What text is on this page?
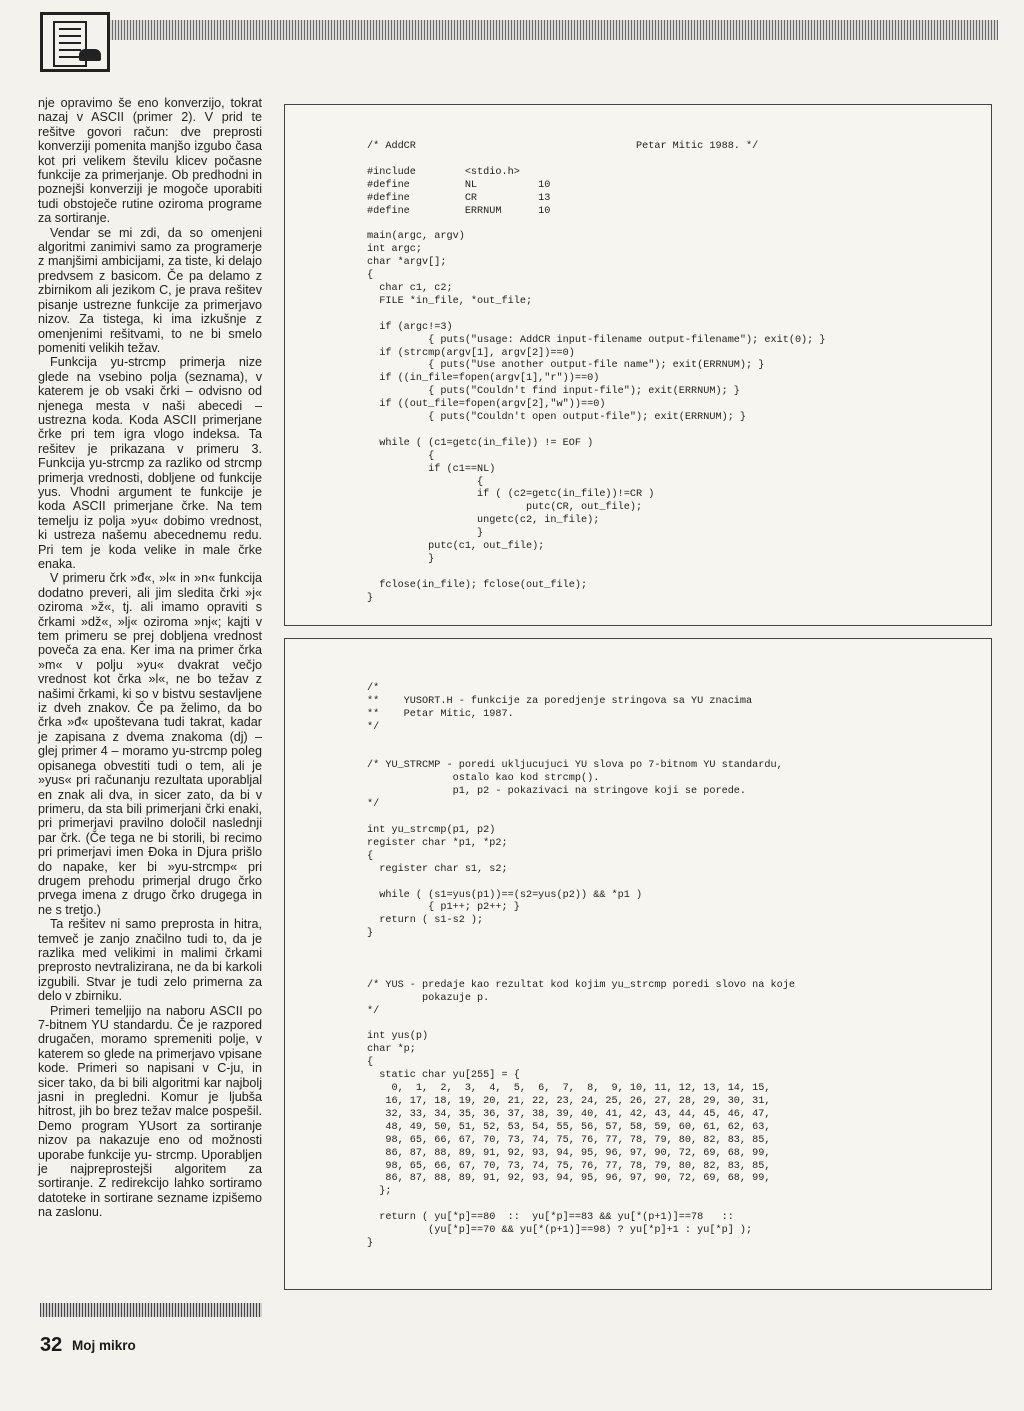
nje opravimo še eno konverzijo, tokrat nazaj v ASCII (primer 2). V prid te rešitve govori račun: dve preprosti konverziji pomenita manjšo izgubo časa kot pri velikem številu klicev počasne funkcije za primerjanje. Ob predhodni in poznejši konverziji je mogoče uporabiti tudi obstoječe rutine oziroma programe za sortiranje.

Vendar se mi zdi, da so omenjeni algoritmi zanimivi samo za programerje z manjšimi ambicijami, za tiste, ki delajo predvsem z basicom. Če pa delamo z zbirnikom ali jezikom C, je prava rešitev pisanje ustrezne funkcije za primerjavo nizov. Za tistega, ki ima izkušnje z omenjenimi rešitvami, to ne bi smelo pomeniti velikih težav.

Funkcija yu-strcmp primerja nize glede na vsebino polja (seznama), v katerem je ob vsaki črki – odvisno od njenega mesta v naši abecedi – ustrezna koda. Koda ASCII primerjane črke pri tem igra vlogo indeksa. Ta rešitev je prikazana v primeru 3. Funkcija yu-strcmp za razliko od strcmp primerja vrednosti, dobljene od funkcije yus. Vhodni argument te funkcije je koda ASCII primerjane črke. Na tem temelju iz polja »yu« dobimo vrednost, ki ustreza našemu abecednemu redu. Pri tem je koda velike in male črke enaka.

V primeru črk »đ«, »l« in »n« funkcija dodatno preveri, ali jim sledita črki »j« oziroma »ž«, tj. ali imamo opraviti s črkami »dž«, »lj« oziroma »nj«; kajti v tem primeru se prej dobljena vrednost poveča za ena. Ker ima na primer črka »m« v polju »yu« dvakrat večjo vrednost kot črka »l«, ne bo težav z našimi črkami, ki so v bistvu sestavljene iz dveh znakov. Če pa želimo, da bo črka »đ« upoštevana tudi takrat, kadar je zapisana z dvema znakoma (dj) – glej primer 4 – moramo yu-strcmp poleg opisanega obvestiti tudi o tem, ali je »yus« pri računanju rezultata uporabljal en znak ali dva, in sicer zato, da bi v primeru, da sta bili primerjani črki enaki, pri primerjavi pravilno določil naslednji par črk. (Če tega ne bi storili, bi recimo pri primerjavi imen Đoka in Djura prišlo do napake, ker bi »yu-strcmp« pri drugem prehodu primerjal drugo črko prvega imena z drugo črko drugega in ne s tretjo.)

Ta rešitev ni samo preprosta in hitra, temveč je zanjo značilno tudi to, da je razlika med velikimi in malimi črkami preprosto nevtralizirana, ne da bi karkoli izgubili. Stvar je tudi zelo primerna za delo v zbirniku.

Primeri temeljijo na naboru ASCII po 7-bitnem YU standardu. Če je razpored drugačen, moramo spremeniti polje, v katerem so glede na primerjavo vpisane kode. Primeri so napisani v C-ju, in sicer tako, da bi bili algoritmi kar najbolj jasni in pregledni. Komur je ljubša hitrost, jih bo brez težav malce pospešil. Demo program YUsort za sortiranje nizov pa nakazuje eno od možnosti uporabe funkcije yu- strcmp. Uporabljen je najpreprostejši algoritem za sortiranje. Z redirekcijo lahko sortiramo datoteke in sortirane sezname izpišemo na zaslonu.

/* AddCR                                    Petar Mitic 1988. */

#include        <stdio.h>
#define         NL          10
#define         CR          13
#define         ERRNUM      10

main(argc, argv)
int argc;
char *argv[];
{
char c1, c2;
FILE *in_file, *out_file;

if (argc!=3)
{ puts("usage: AddCR input-filename output-filename"); exit(0); }
if (strcmp(argv[1], argv[2])==0)
{ puts("Use another output-file name"); exit(ERRNUM); }
if ((in_file=fopen(argv[1],"r"))==0)
{ puts("Couldn't find input-file"); exit(ERRNUM); }
if ((out_file=fopen(argv[2],"w"))==0)
{ puts("Couldn't open output-file"); exit(ERRNUM); }

while ( (c1=getc(in_file)) != EOF )
{
if (c1==NL)
{
if ( (c2=getc(in_file))!=CR )
putc(CR, out_file);
ungetc(c2, in_file);
}
putc(c1, out_file);
}

fclose(in_file); fclose(out_file);
}
/*
**    YUSORT.H - funkcije za poredjenje stringova sa YU znacima
**    Petar Mitic, 1987.
*/

/* YU_STRCMP - poredi ukljucujuci YU slova po 7-bitnom YU standardu,
ostalo kao kod strcmp().
p1, p2 - pokazivaci na stringove koji se porede.
*/

int yu_strcmp(p1, p2)
register char *p1, *p2;
{
register char s1, s2;

while ( (s1=yus(p1))==(s2=yus(p2)) && *p1 )
{ p1++; p2++; }
return ( s1-s2 );
}

/* YUS - predaje kao rezultat kod kojim yu_strcmp poredi slovo na koje
pokazuje p.
*/

int yus(p)
char *p;
{
static char yu[255] = {
0,  1,  2,  3,  4,  5,  6,  7,  8,  9, 10, 11, 12, 13, 14, 15,
16, 17, 18, 19, 20, 21, 22, 23, 24, 25, 26, 27, 28, 29, 30, 31,
32, 33, 34, 35, 36, 37, 38, 39, 40, 41, 42, 43, 44, 45, 46, 47,
48, 49, 50, 51, 52, 53, 54, 55, 56, 57, 58, 59, 60, 61, 62, 63,
98, 65, 66, 67, 70, 73, 74, 75, 76, 77, 78, 79, 80, 82, 83, 85,
86, 87, 88, 89, 91, 92, 93, 94, 95, 96, 97, 90, 72, 69, 68, 99,
98, 65, 66, 67, 70, 73, 74, 75, 76, 77, 78, 79, 80, 82, 83, 85,
86, 87, 88, 89, 91, 92, 93, 94, 95, 96, 97, 90, 72, 69, 68, 99,
};

return ( yu[*p]==80  ::  yu[*p]==83 && yu[*(p+1)]==78   ::
(yu[*p]==70 && yu[*(p+1)]==98) ? yu[*p]+1 : yu[*p] );
}
32 Moj mikro
